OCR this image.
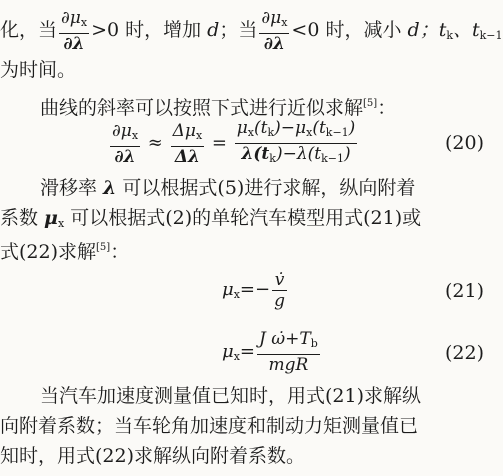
化，当 $\frac{\partial\mu_x}{\partial\lambda} >0$ 时，增加 d；当 $\frac{\partial\mu_x}{\partial\lambda} <0$ 时，减小 d；$t_k$、$t_{k-1}$
为时间。
曲线的斜率可以按照下式进行近似求解[5]：
$\frac{\partial\mu_x}{\partial\lambda} \approx \frac{\Delta\mu_x}{\Delta\lambda} = \frac{\mu_x(t_k)-\mu_x(t_{k-1})}{\lambda(t_k)-\lambda(t_{k-1})}$	(20)
滑移率 λ 可以根据式(5)进行求解，纵向附着
系数 $\mu_x$ 可以根据式(2)的单轮汽车模型用式(21)或
式(22)求解[5]：
$\mu_x=- \frac{v̇}{g}$	(21)
$\mu_x= \frac{J \omegȧ+T_b}{\text{mgR}}$	(22)
当汽车加速度测量值已知时，用式(21)求解纵
向附着系数；当车轮角加速度和制动力矩测量值已
知时，用式(22)求解纵向附着系数。
